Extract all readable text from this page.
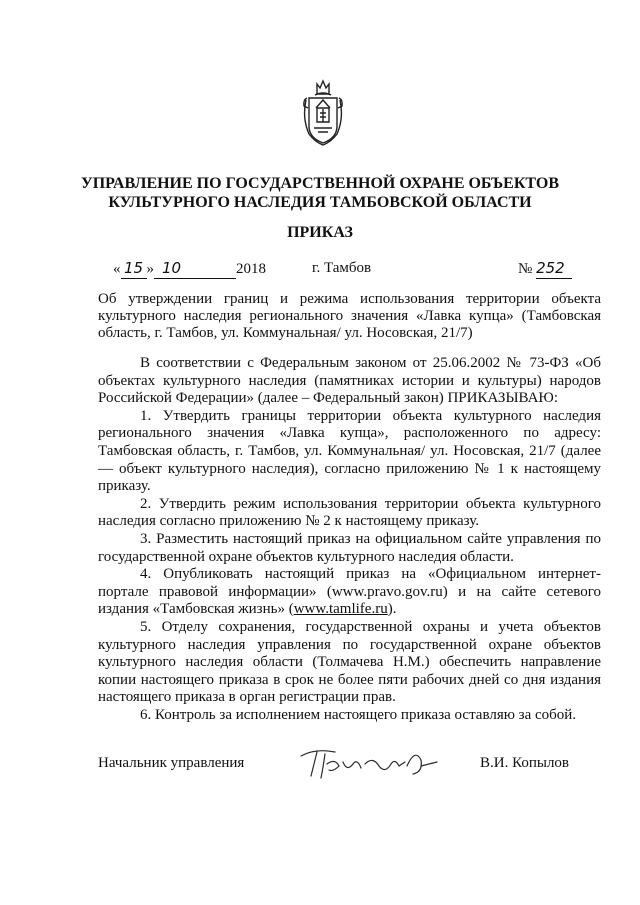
УПРАВЛЕНИЕ ПО ГОСУДАРСТВЕННОЙ ОХРАНЕ ОБЪЕКТОВ
КУЛЬТУРНОГО НАСЛЕДИЯ ТАМБОВСКОЙ ОБЛАСТИ
ПРИКАЗ
« 15 » 10	2018	г. Тамбов	№ 252
Об утверждении границ и режима использования территории объекта культурного наследия регионального значения «Лавка купца» (Тамбовская область, г. Тамбов, ул. Коммунальная/ ул. Носовская, 21/7)

В соответствии с Федеральным законом от 25.06.2002 № 73-ФЗ «Об объектах культурного наследия (памятниках истории и культуры) народов Российской Федерации» (далее – Федеральный закон) ПРИКАЗЫВАЮ:

1. Утвердить границы территории объекта культурного наследия регионального значения «Лавка купца», расположенного по адресу: Тамбовская область, г. Тамбов, ул. Коммунальная/ ул. Носовская, 21/7 (далее — объект культурного наследия), согласно приложению № 1 к настоящему приказу.

2. Утвердить режим использования территории объекта культурного наследия согласно приложению № 2 к настоящему приказу.

3. Разместить настоящий приказ на официальном сайте управления по государственной охране объектов культурного наследия области.

4. Опубликовать настоящий приказ на «Официальном интернет-портале правовой информации» (www.pravo.gov.ru) и на сайте сетевого издания «Тамбовская жизнь» (www.tamlife.ru).

5. Отделу сохранения, государственной охраны и учета объектов культурного наследия управления по государственной охране объектов культурного наследия области (Толмачева Н.М.) обеспечить направление копии настоящего приказа в срок не более пяти рабочих дней со дня издания настоящего приказа в орган регистрации прав.

6. Контроль за исполнением настоящего приказа оставляю за собой.

Начальник управления	В.И. Копылов
